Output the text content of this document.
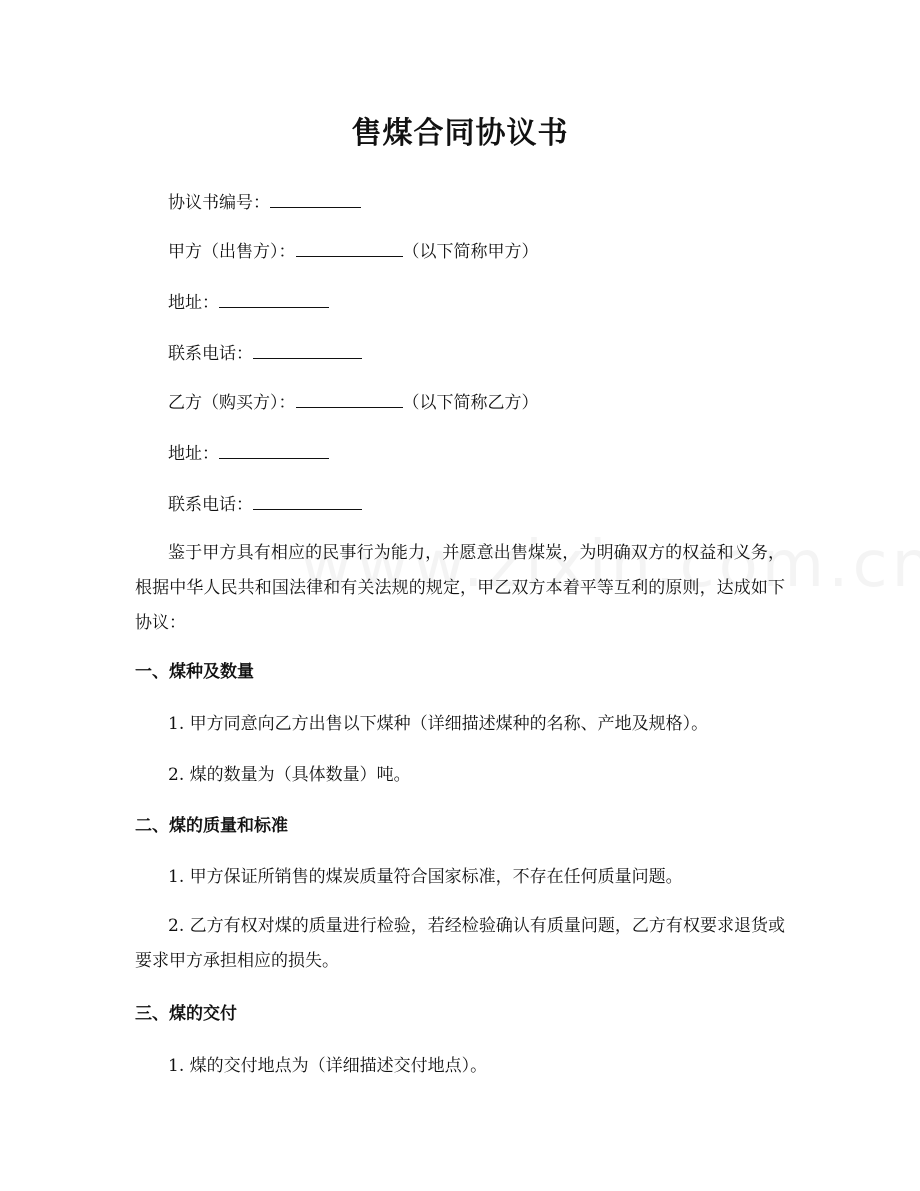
售煤合同协议书
协议书编号：
甲方（出售方）：	（以下简称甲方）
地址：
联系电话：
乙方（购买方）：	（以下简称乙方）
地址：
联系电话：
鉴于甲方具有相应的民事行为能力，并愿意出售煤炭，为明确双方的权益和义务，根据中华人民共和国法律和有关法规的规定，甲乙双方本着平等互利的原则，达成如下协议：
一、煤种及数量
1. 甲方同意向乙方出售以下煤种（详细描述煤种的名称、产地及规格）。
2. 煤的数量为（具体数量）吨。
二、煤的质量和标准
1. 甲方保证所销售的煤炭质量符合国家标准，不存在任何质量问题。
2. 乙方有权对煤的质量进行检验，若经检验确认有质量问题，乙方有权要求退货或要求甲方承担相应的损失。
三、煤的交付
1. 煤的交付地点为（详细描述交付地点）。
